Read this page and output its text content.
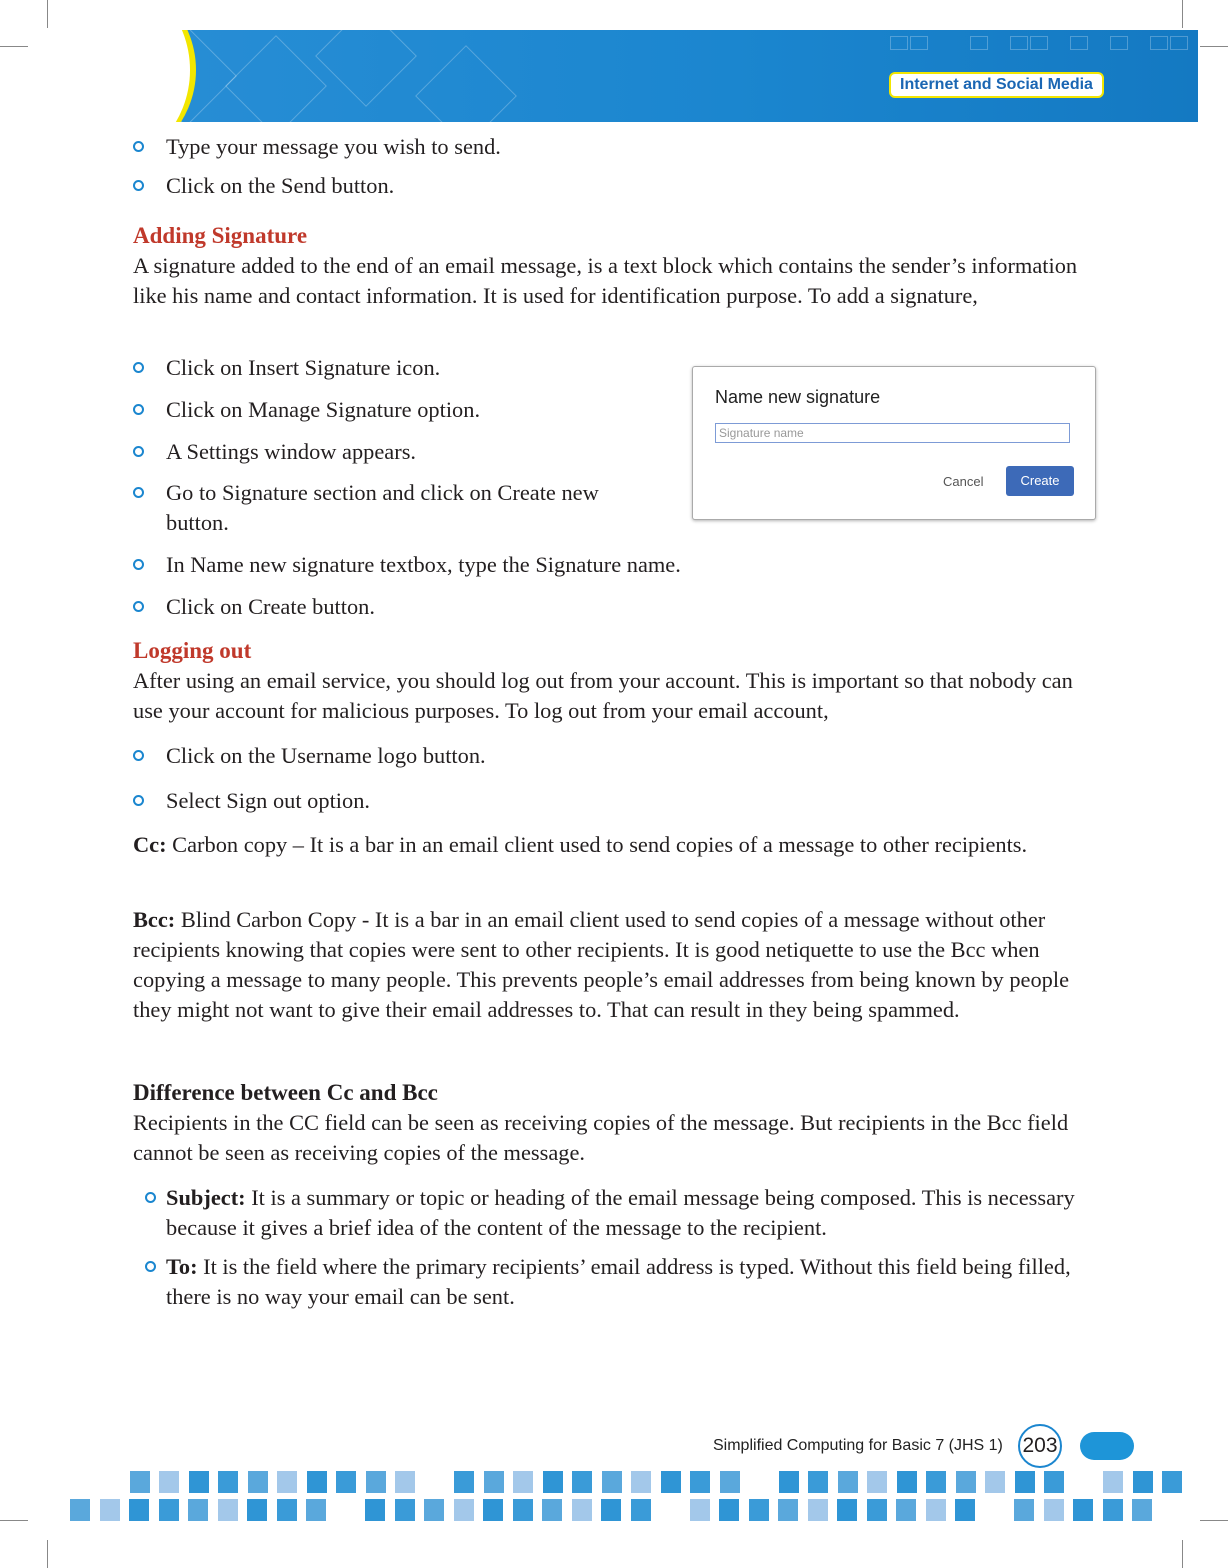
Internet and Social Media
Type your message you wish to send.
Click on the Send button.
Adding Signature
A signature added to the end of an email message, is a text block which contains the sender’s information like his name and contact information. It is used for identification purpose. To add a signature,
Click on Insert Signature icon.
Click on Manage Signature option.
A Settings window appears.
Go to Signature section and click on Create new button.
In Name new signature textbox, type the Signature name.
Click on Create button.
Name new signature
Signature name
Cancel	Create
Logging out
After using an email service, you should log out from your account. This is important so that nobody can use your account for malicious purposes. To log out from your email account,
Click on the Username logo button.
Select Sign out option.
Cc: Carbon copy – It is a bar in an email client used to send copies of a message to other recipients.
Bcc: Blind Carbon Copy - It is a bar in an email client used to send copies of a message without other recipients knowing that copies were sent to other recipients. It is good netiquette to use the Bcc when copying a message to many people. This prevents people’s email addresses from being known by people they might not want to give their email addresses to. That can result in they being spammed.
Difference between Cc and Bcc
Recipients in the CC field can be seen as receiving copies of the message. But recipients in the Bcc field cannot be seen as receiving copies of the message.
Subject: It is a summary or topic or heading of the email message being composed. This is necessary because it gives a brief idea of the content of the message to the recipient.
To: It is the field where the primary recipients’ email address is typed. Without this field being filled, there is no way your email can be sent.
Simplified Computing for Basic 7 (JHS 1) 203
